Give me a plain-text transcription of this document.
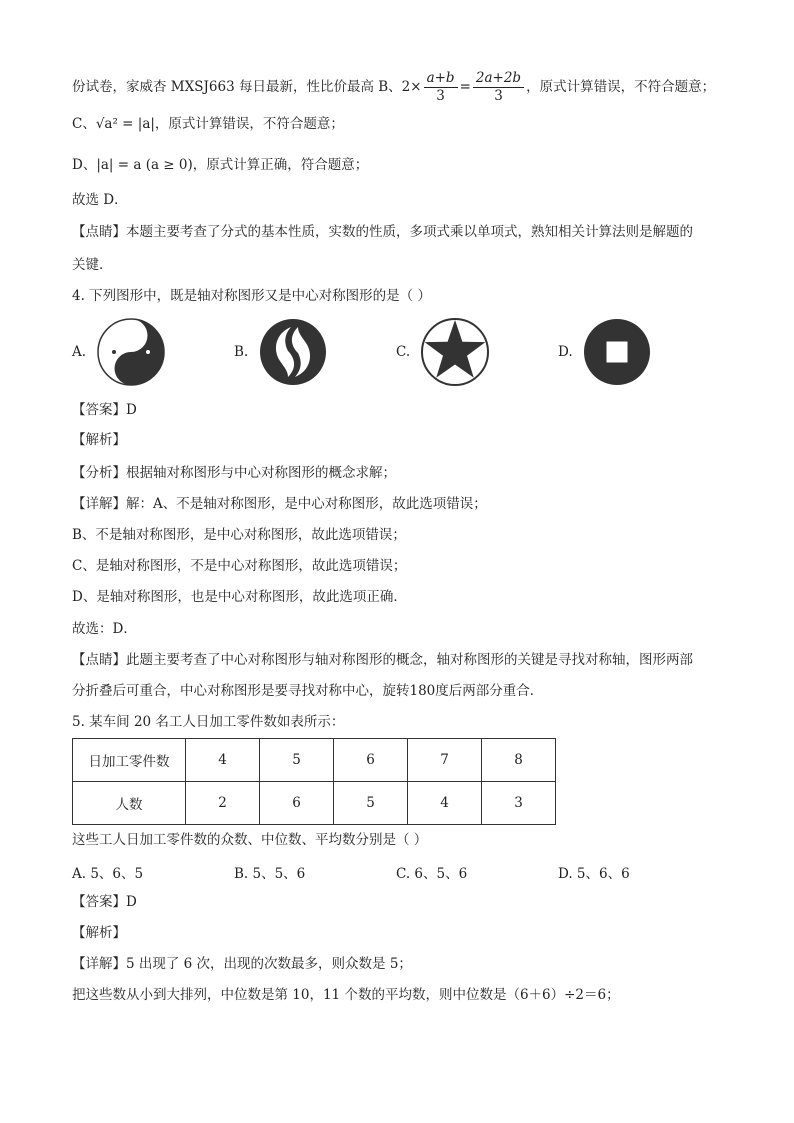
份试卷，家威杏 MXSJ663 每日最新，性比价最高 B、$2\times \frac{a+b}{3} = \frac{2a+2b}{3}$ ，原式计算错误，不符合题意；
C、√a² = |a|，原式计算错误，不符合题意；
D、|a| = a (a ≥ 0)，原式计算正确，符合题意；
故选 D．
【点睛】本题主要考查了分式的基本性质，实数的性质，多项式乘以单项式，熟知相关计算法则是解题的
关键．
4. 下列图形中，既是轴对称图形又是中心对称图形的是（ ）
A.	B.	C.	D.
【答案】D
【解析】
【分析】根据轴对称图形与中心对称图形的概念求解；
【详解】解：A、不是轴对称图形，是中心对称图形，故此选项错误；
B、不是轴对称图形，是中心对称图形，故此选项错误；
C、是轴对称图形，不是中心对称图形，故此选项错误；
D、是轴对称图形，也是中心对称图形，故此选项正确．
故选：D．
【点睛】此题主要考查了中心对称图形与轴对称图形的概念，轴对称图形的关键是寻找对称轴，图形两部
分折叠后可重合，中心对称图形是要寻找对称中心，旋转180度后两部分重合．
5. 某车间 20 名工人日加工零件数如表所示：
日加工零件数	4	5	6	7	8
人数	2	6	5	4	3
这些工人日加工零件数的众数、中位数、平均数分别是（ ）
A. 5、6、5	B. 5、5、6	C. 6、5、6	D. 5、6、6
【答案】D
【解析】
【详解】5 出现了 6 次，出现的次数最多，则众数是 5；
把这些数从小到大排列，中位数是第 10，11 个数的平均数，则中位数是（6＋6）÷2＝6；
